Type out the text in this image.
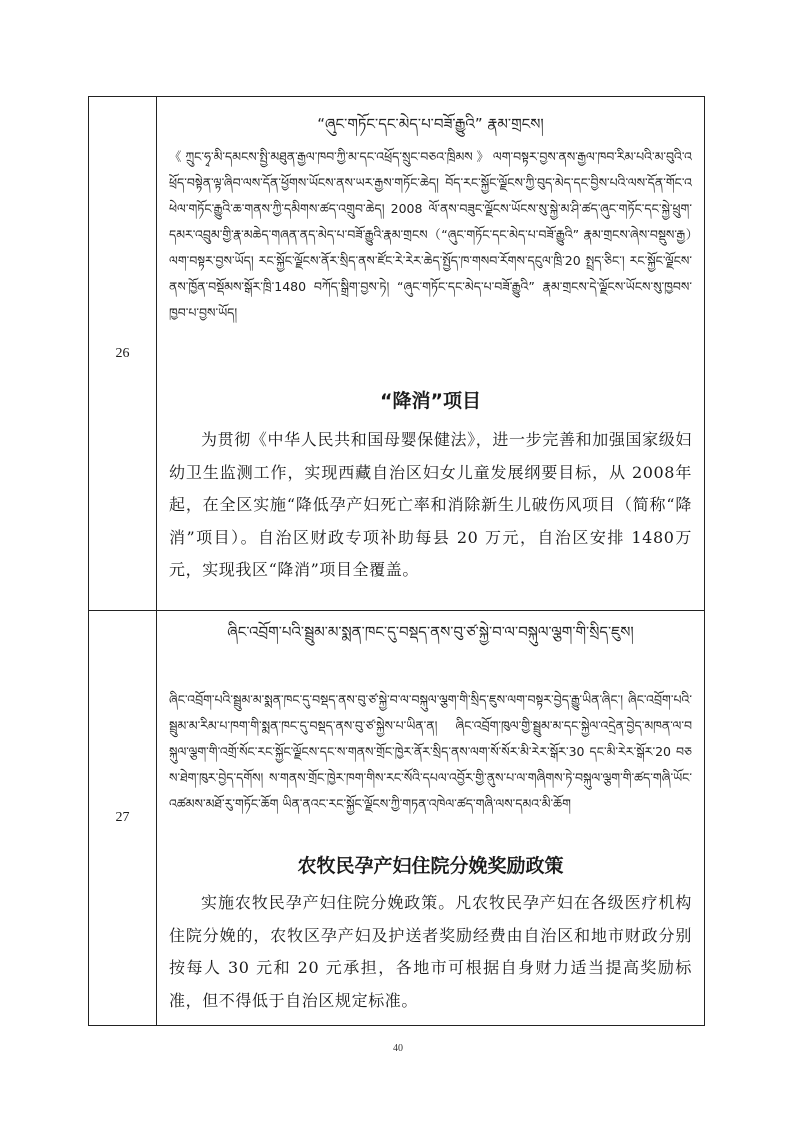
26
“ཞུང་གཏོང་དང་མེད་པ་བཟོ་རྒྱུའི” རྣམ་གྲངས།
《ཀྲུང་ཧྭ་མི་དམངས་སྤྱི་མཐུན་རྒྱལ་ཁབ་ཀྱི་མ་དང་འཕྲོད་སྲུང་བཅའ་ཁྲིམས》ལག་བསྟར་བྱས་ནས་རྒྱལ་ཁབ་རིམ་པའི་མ་བུའི་འཕྲོད་བསྟེན་ལྟ་ཞིབ་ལས་དོན་ཕྱོགས་ཡོངས་ནས་ཡར་རྒྱས་གཏོང་ཆེད། བོད་རང་སྐྱོང་ལྗོངས་ཀྱི་བུད་མེད་དང་བྱིས་པའི་ལས་དོན་གོང་འཕེལ་གཏོང་རྒྱུའི་ཆ་གནས་ཀྱི་དམིགས་ཚད་འགྲུབ་ཆེད། 2008 ལོ་ནས་བཟུང་ལྗོངས་ཡོངས་སུ་སྐྱེ་མ་ཤི་ཚད་ཞུང་གཏོང་དང་སྐྱེ་ཕྲུག་དམར་འབྲུམ་གྱི་རྣ་མཆེད་གཞན་ནད་མེད་པ་བཟོ་རྒྱུའི་རྣམ་གྲངས（“ཞུང་གཏོང་དང་མེད་པ་བཟོ་རྒྱུའི” རྣམ་གྲངས་ཞེས་བསྡུས་རྒྱ）ལག་བསྟར་བྱས་ཡོད། རང་སྐྱོང་ལྗོངས་ནོར་སྲིད་ནས་ཛོང་རེ་རེར་ཆེད་སྤྱོད་ཁ་གསབ་རོགས་དངུལ་ཁྲི་20 སྤྲད་ཅིང་། རང་སྐྱོང་ལྗོངས་ནས་ཁྱོན་བསྡོམས་སྒོར་ཁྲི་1480 བཀོད་སྒྲིག་བྱས་ཏེ། “ཞུང་གཏོང་དང་མེད་པ་བཟོ་རྒྱུའི” རྣམ་གྲངས་དེ་ལྗོངས་ཡོངས་སུ་ཁྱབས་ཁྱབ་པ་བྱས་ཡོད།
“降消”项目
为贯彻《中华人民共和国母婴保健法》，进一步完善和加强国家级妇幼卫生监测工作，实现西藏自治区妇女儿童发展纲要目标，从 2008年起，在全区实施“降低孕产妇死亡率和消除新生儿破伤风项目（简称“降消”项目）。自治区财政专项补助每县 20 万元，自治区安排 1480万元，实现我区“降消”项目全覆盖。
27
ཞིང་འབྲོག་པའི་སྦྲུམ་མ་སྨན་ཁང་དུ་བསྡད་ནས་བུ་ཙ་སྐྱེ་བ་ལ་བསྐུལ་ལྕག་གི་སྲིད་ཇུས།
ཞིང་འབྲོག་པའི་སྦྲུམ་མ་སྨན་ཁང་དུ་བསྡད་ནས་བུ་ཙ་སྐྱེ་བ་ལ་བསྐུལ་ལྕག་གི་སྲིད་ཇུས་ལག་བསྟར་བྱེད་རྒྱུ་ཡིན་ཞིང་། ཞིང་འབྲོག་པའི་སྦྲུམ་མ་རིམ་པ་ཁག་གི་སྨན་ཁང་དུ་བསྡད་ནས་བུ་ཙ་སྐྱེས་པ་ཡིན་ན། ཞིང་འབྲོག་ཁུལ་གྱི་སྦྲུམ་མ་དང་སྐྱེལ་འདྲེན་བྱེད་མཁན་ལ་བསྐུལ་ལྕག་གི་འགྲོ་སོང་རང་སྐྱོང་ལྗོངས་དང་ས་གནས་གྲོང་ཁྱེར་ནོར་སྲིད་ནས་ལག་སོ་སོར་མི་རེར་སྒོར་30 དང་མི་རེར་སྒོར་20 བཅས་ཐེག་ཁུར་བྱེད་དགོས། ས་གནས་གྲོང་ཁྱེར་ཁག་གིས་རང་སོའི་དཔལ་འབྱོར་གྱི་ནུས་པ་ལ་གཞིགས་ཏེ་བསྐུལ་ལྕག་གི་ཚད་གཞི་ཡོང་འཚམས་མཐོ་རུ་གཏོང་ཆོག ཡིན་ནའང་རང་སྐྱོང་ལྗོངས་ཀྱི་གཏན་འཁེལ་ཚད་གཞི་ལས་དམའ་མི་ཆོག
农牧民孕产妇住院分娩奖励政策
实施农牧民孕产妇住院分娩政策。凡农牧民孕产妇在各级医疗机构住院分娩的，农牧区孕产妇及护送者奖励经费由自治区和地市财政分别按每人 30 元和 20 元承担，各地市可根据自身财力适当提高奖励标准，但不得低于自治区规定标准。
40
